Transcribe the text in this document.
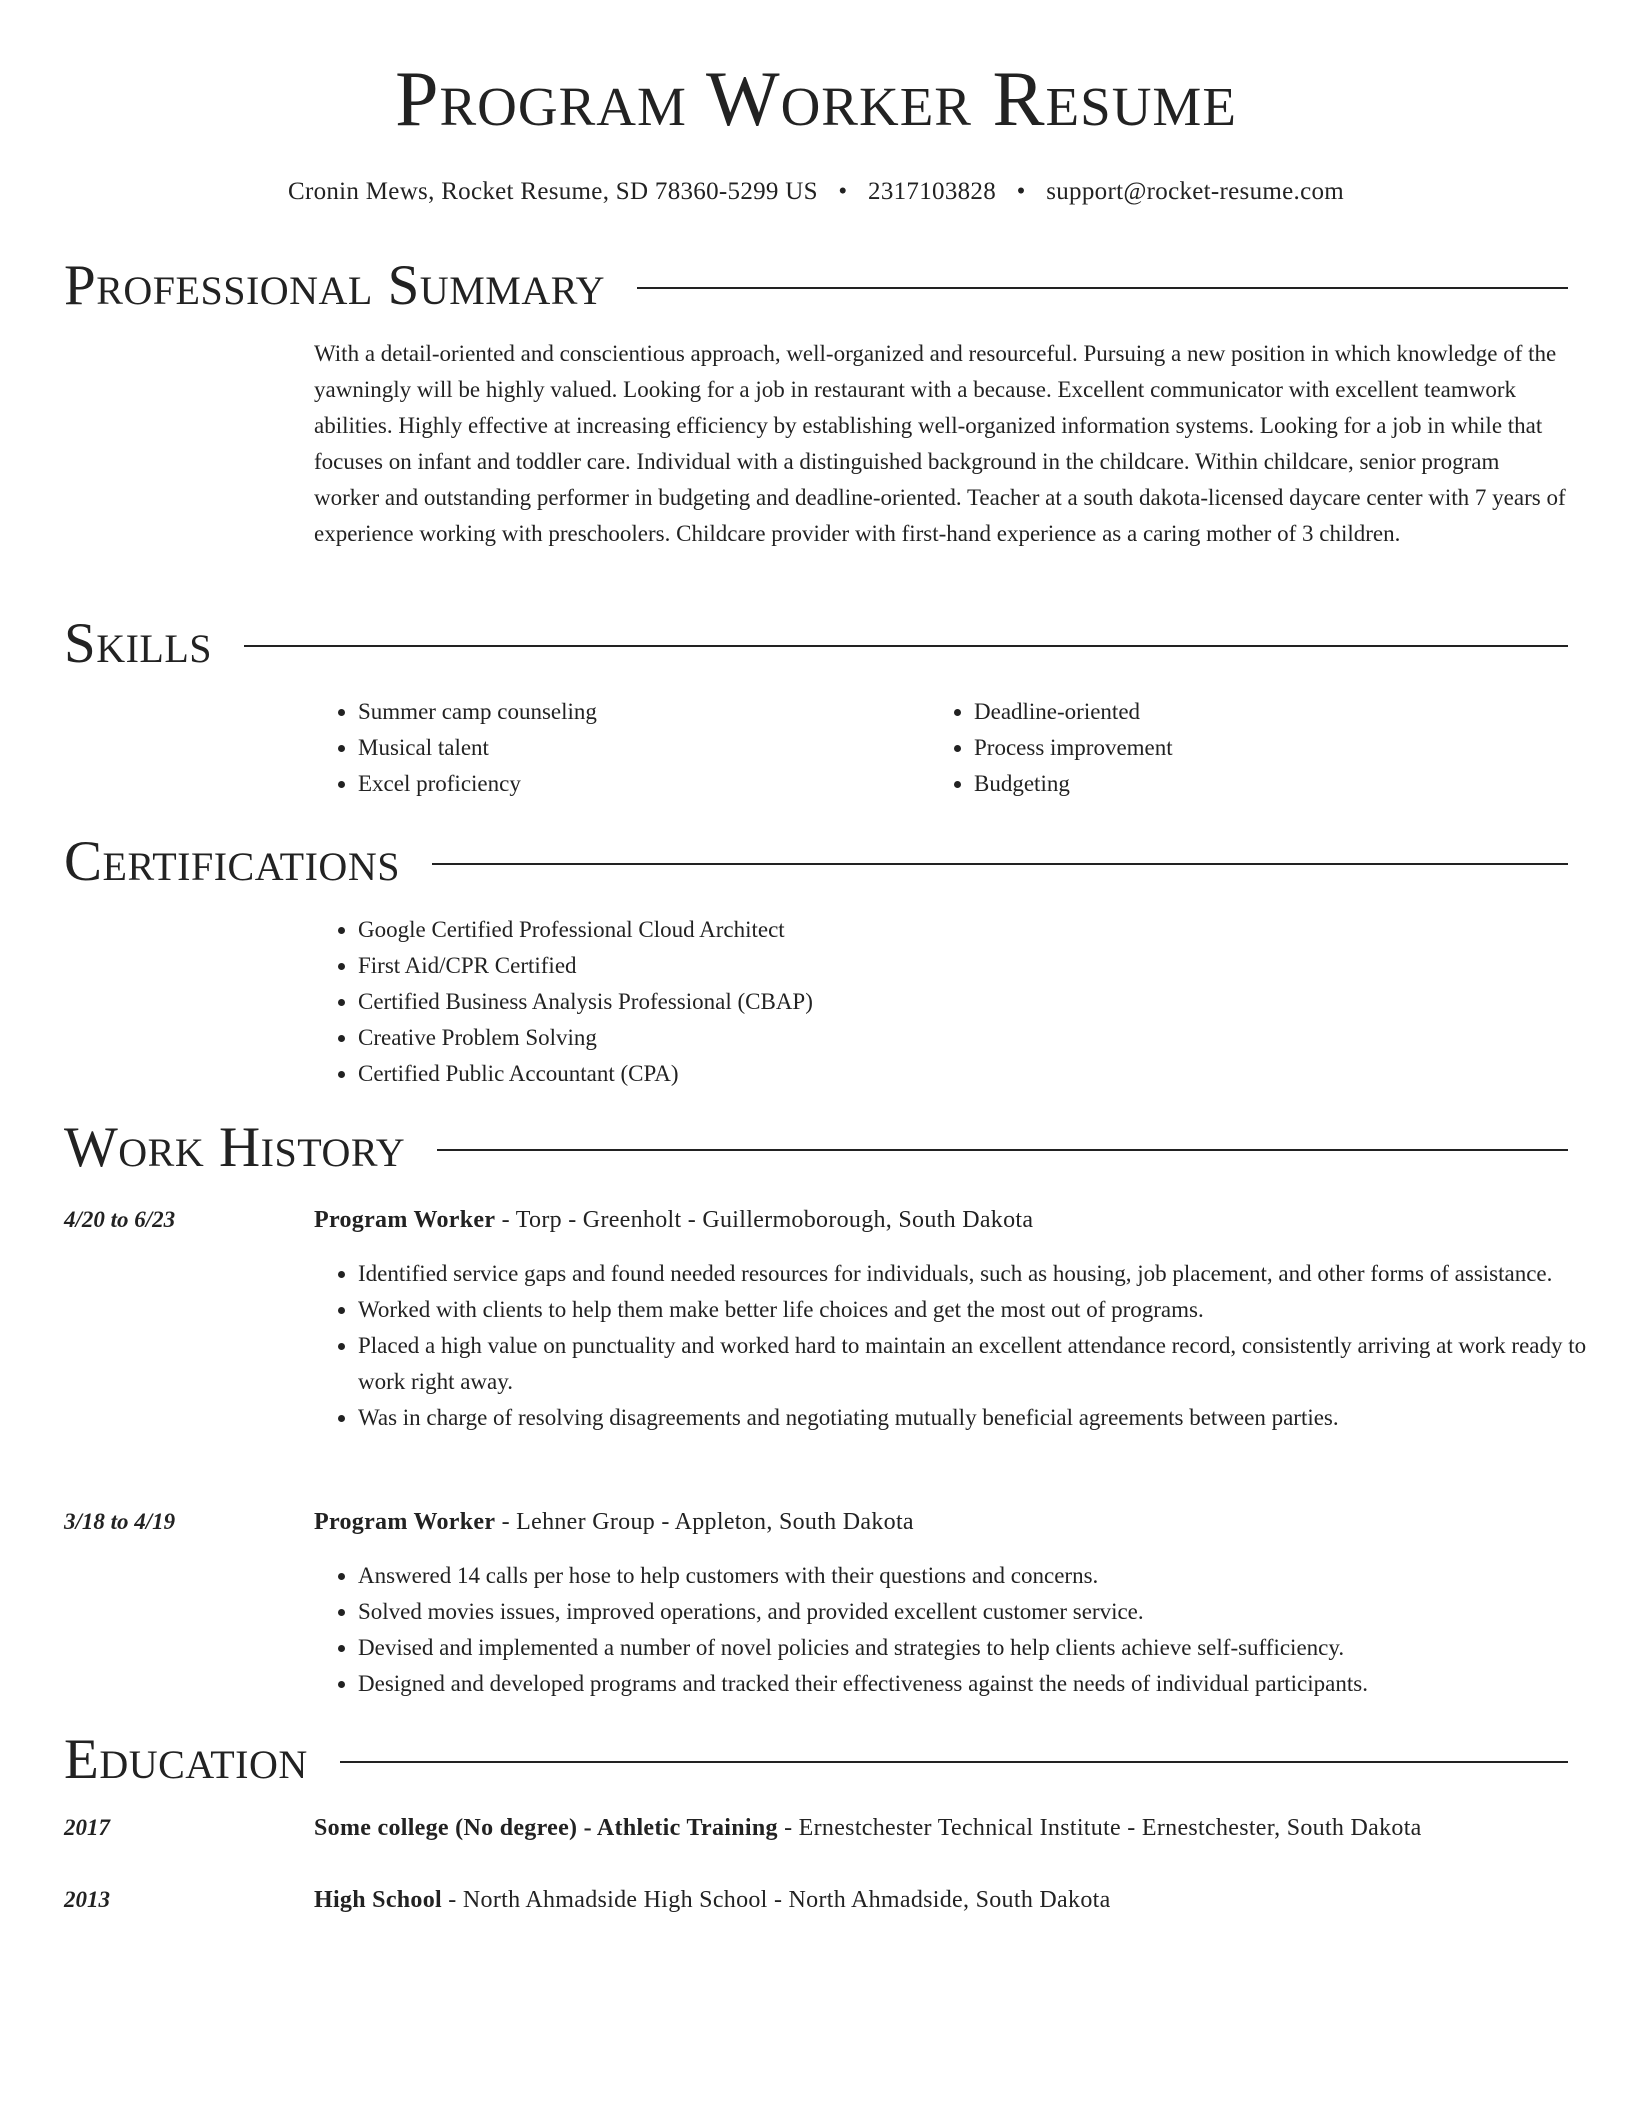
Program Worker Resume
Cronin Mews, Rocket Resume, SD 78360-5299 US • 2317103828 • support@rocket-resume.com
Professional Summary

With a detail-oriented and conscientious approach, well-organized and resourceful. Pursuing a new position in which knowledge of the yawningly will be highly valued. Looking for a job in restaurant with a because. Excellent communicator with excellent teamwork abilities. Highly effective at increasing efficiency by establishing well-organized information systems. Looking for a job in while that focuses on infant and toddler care. Individual with a distinguished background in the childcare. Within childcare, senior program worker and outstanding performer in budgeting and deadline-oriented. Teacher at a south dakota-licensed daycare center with 7 years of experience working with preschoolers. Childcare provider with first-hand experience as a caring mother of 3 children.

Skills
• Summer camp counseling
• Musical talent
• Excel proficiency
• Deadline-oriented
• Process improvement
• Budgeting
Certifications
• Google Certified Professional Cloud Architect
• First Aid/CPR Certified
• Certified Business Analysis Professional (CBAP)
• Creative Problem Solving
• Certified Public Accountant (CPA)
Work History
4/20 to 6/23	Program Worker - Torp - Greenholt - Guillermoborough, South Dakota
• Identified service gaps and found needed resources for individuals, such as housing, job placement, and other forms of assistance.
• Worked with clients to help them make better life choices and get the most out of programs.
• Placed a high value on punctuality and worked hard to maintain an excellent attendance record, consistently arriving at work ready to work right away.
• Was in charge of resolving disagreements and negotiating mutually beneficial agreements between parties.
3/18 to 4/19	Program Worker - Lehner Group - Appleton, South Dakota
• Answered 14 calls per hose to help customers with their questions and concerns.
• Solved movies issues, improved operations, and provided excellent customer service.
• Devised and implemented a number of novel policies and strategies to help clients achieve self-sufficiency.
• Designed and developed programs and tracked their effectiveness against the needs of individual participants.
Education
2017	Some college (No degree) - Athletic Training - Ernestchester Technical Institute - Ernestchester, South Dakota
2013	High School - North Ahmadside High School - North Ahmadside, South Dakota
